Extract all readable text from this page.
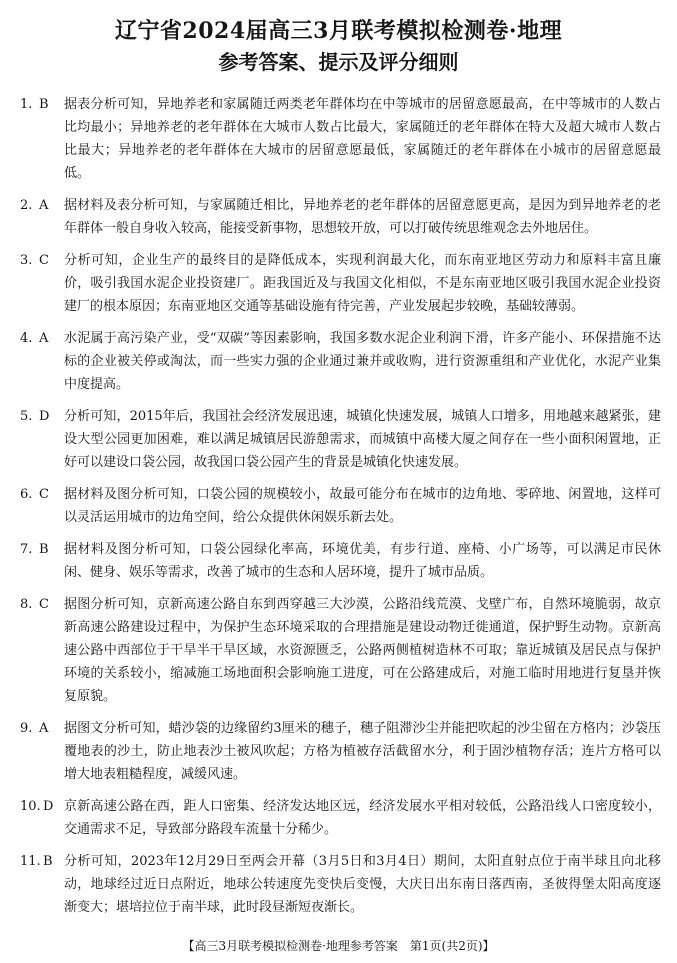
辽宁省2024届高三3月联考模拟检测卷·地理
参考答案、提示及评分细则
1. B	据表分析可知，异地养老和家属随迁两类老年群体均在中等城市的居留意愿最高，在中等城市的人数占比均最小；异地养老的老年群体在大城市人数占比最大，家属随迁的老年群体在特大及超大城市人数占比最大；异地养老的老年群体在大城市的居留意愿最低，家属随迁的老年群体在小城市的居留意愿最低。
2. A	据材料及表分析可知，与家属随迁相比，异地养老的老年群体的居留意愿更高，是因为到异地养老的老年群体一般自身收入较高，能接受新事物，思想较开放，可以打破传统思维观念去外地居住。
3. C	分析可知，企业生产的最终目的是降低成本，实现利润最大化，而东南亚地区劳动力和原料丰富且廉价，吸引我国水泥企业投资建厂。距我国近及与我国文化相似，不是东南亚地区吸引我国水泥企业投资建厂的根本原因；东南亚地区交通等基础设施有待完善，产业发展起步较晚，基础较薄弱。
4. A	水泥属于高污染产业，受“双碳”等因素影响，我国多数水泥企业利润下滑，许多产能小、环保措施不达标的企业被关停或淘汰，而一些实力强的企业通过兼并或收购，进行资源重组和产业优化，水泥产业集中度提高。
5. D	分析可知，2015年后，我国社会经济发展迅速，城镇化快速发展，城镇人口增多，用地越来越紧张，建设大型公园更加困难，难以满足城镇居民游憩需求，而城镇中高楼大厦之间存在一些小面积闲置地，正好可以建设口袋公园，故我国口袋公园产生的背景是城镇化快速发展。
6. C	据材料及图分析可知，口袋公园的规模较小，故最可能分布在城市的边角地、零碎地、闲置地，这样可以灵活运用城市的边角空间，给公众提供休闲娱乐新去处。
7. B	据材料及图分析可知，口袋公园绿化率高，环境优美，有步行道、座椅、小广场等，可以满足市民休闲、健身、娱乐等需求，改善了城市的生态和人居环境，提升了城市品质。
8. C	据图分析可知，京新高速公路自东到西穿越三大沙漠，公路沿线荒漠、戈壁广布，自然环境脆弱，故京新高速公路建设过程中，为保护生态环境采取的合理措施是建设动物迁徙通道，保护野生动物。京新高速公路中西部位于干旱半干旱区域，水资源匮乏，公路两侧植树造林不可取；靠近城镇及居民点与保护环境的关系较小，缩减施工场地面积会影响施工进度，可在公路建成后，对施工临时用地进行复垦并恢复原貌。
9. A	据图文分析可知，蜡沙袋的边缘留约3厘米的穗子，穗子阻滞沙尘并能把吹起的沙尘留在方格内；沙袋压覆地表的沙土，防止地表沙土被风吹起；方格为植被存活截留水分，利于固沙植物存活；连片方格可以增大地表粗糙程度，减缓风速。
10. D 京新高速公路在西，距人口密集、经济发达地区远，经济发展水平相对较低，公路沿线人口密度较小，交通需求不足，导致部分路段车流量十分稀少。
11. B 分析可知，2023年12月29日至两会开幕（3月5日和3月4日）期间，太阳直射点位于南半球且向北移动，地球经过近日点附近，地球公转速度先变快后变慢，大庆日出东南日落西南，圣彼得堡太阳高度逐渐变大；堪培拉位于南半球，此时段昼渐短夜渐长。
【高三3月联考模拟检测卷·地理参考答案　第1页(共2页)】
